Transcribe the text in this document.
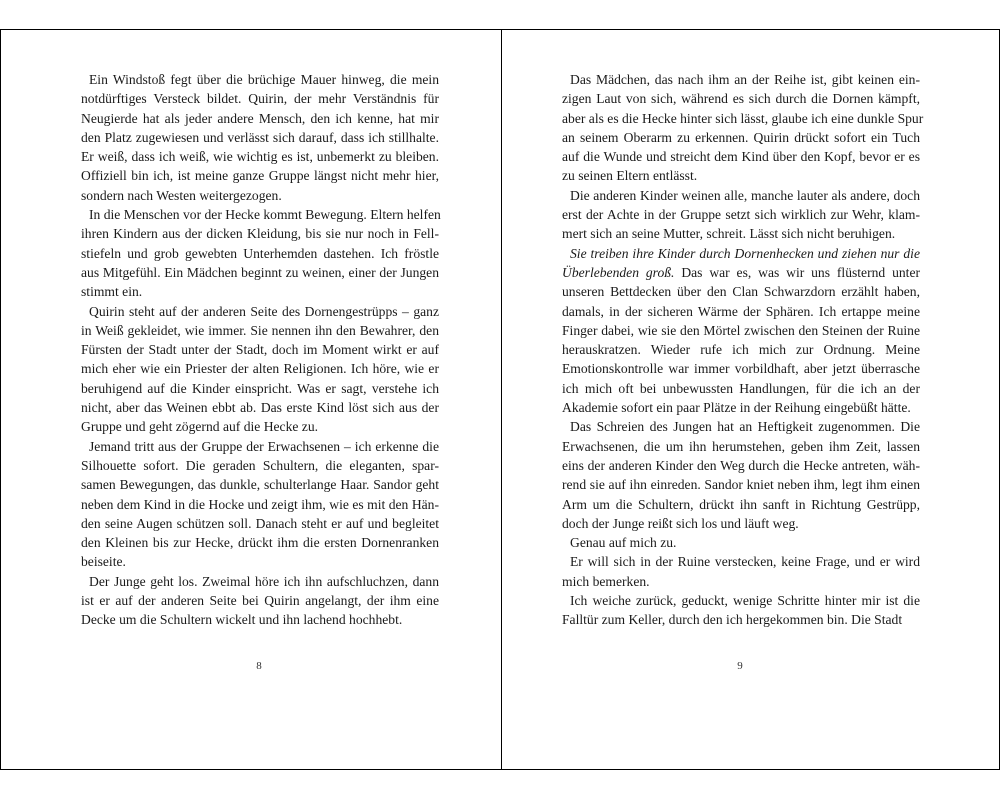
Ein Windstoß fegt über die brüchige Mauer hinweg, die mein
notdürftiges Versteck bildet. Quirin, der mehr Verständnis für
Neugierde hat als jeder andere Mensch, den ich kenne, hat mir
den Platz zugewiesen und verlässt sich darauf, dass ich stillhalte.
Er weiß, dass ich weiß, wie wichtig es ist, unbemerkt zu bleiben.
Offiziell bin ich, ist meine ganze Gruppe längst nicht mehr hier,
sondern nach Westen weitergezogen.

In die Menschen vor der Hecke kommt Bewegung. Eltern helfen
ihren Kindern aus der dicken Kleidung, bis sie nur noch in Fell-
stiefeln und grob gewebten Unterhemden dastehen. Ich fröstle
aus Mitgefühl. Ein Mädchen beginnt zu weinen, einer der Jungen
stimmt ein.

Quirin steht auf der anderen Seite des Dornengestrüpps – ganz
in Weiß gekleidet, wie immer. Sie nennen ihn den Bewahrer, den
Fürsten der Stadt unter der Stadt, doch im Moment wirkt er auf
mich eher wie ein Priester der alten Religionen. Ich höre, wie er
beruhigend auf die Kinder einspricht. Was er sagt, verstehe ich
nicht, aber das Weinen ebbt ab. Das erste Kind löst sich aus der
Gruppe und geht zögernd auf die Hecke zu.

Jemand tritt aus der Gruppe der Erwachsenen – ich erkenne die
Silhouette sofort. Die geraden Schultern, die eleganten, spar-
samen Bewegungen, das dunkle, schulterlange Haar. Sandor geht
neben dem Kind in die Hocke und zeigt ihm, wie es mit den Hän-
den seine Augen schützen soll. Danach steht er auf und begleitet
den Kleinen bis zur Hecke, drückt ihm die ersten Dornenranken
beiseite.

Der Junge geht los. Zweimal höre ich ihn aufschluchzen, dann
ist er auf der anderen Seite bei Quirin angelangt, der ihm eine
Decke um die Schultern wickelt und ihn lachend hochhebt.

Das Mädchen, das nach ihm an der Reihe ist, gibt keinen ein-
zigen Laut von sich, während es sich durch die Dornen kämpft,
aber als es die Hecke hinter sich lässt, glaube ich eine dunkle Spur
an seinem Oberarm zu erkennen. Quirin drückt sofort ein Tuch
auf die Wunde und streicht dem Kind über den Kopf, bevor er es
zu seinen Eltern entlässt.

Die anderen Kinder weinen alle, manche lauter als andere, doch
erst der Achte in der Gruppe setzt sich wirklich zur Wehr, klam-
mert sich an seine Mutter, schreit. Lässt sich nicht beruhigen.

Sie treiben ihre Kinder durch Dornenhecken und ziehen nur die
Überlebenden groß. Das war es, was wir uns flüsternd unter
unseren Bettdecken über den Clan Schwarzdorn erzählt haben,
damals, in der sicheren Wärme der Sphären. Ich ertappe meine
Finger dabei, wie sie den Mörtel zwischen den Steinen der Ruine
herauskratzen. Wieder rufe ich mich zur Ordnung. Meine
Emotionskontrolle war immer vorbildhaft, aber jetzt überrasche
ich mich oft bei unbewussten Handlungen, für die ich an der
Akademie sofort ein paar Plätze in der Reihung eingebüßt hätte.

Das Schreien des Jungen hat an Heftigkeit zugenommen. Die
Erwachsenen, die um ihn herumstehen, geben ihm Zeit, lassen
eins der anderen Kinder den Weg durch die Hecke antreten, wäh-
rend sie auf ihn einreden. Sandor kniet neben ihm, legt ihm einen
Arm um die Schultern, drückt ihn sanft in Richtung Gestrüpp,
doch der Junge reißt sich los und läuft weg.

Genau auf mich zu.

Er will sich in der Ruine verstecken, keine Frage, und er wird
mich bemerken.

Ich weiche zurück, geduckt, wenige Schritte hinter mir ist die
Falltür zum Keller, durch den ich hergekommen bin. Die Stadt

8	9
